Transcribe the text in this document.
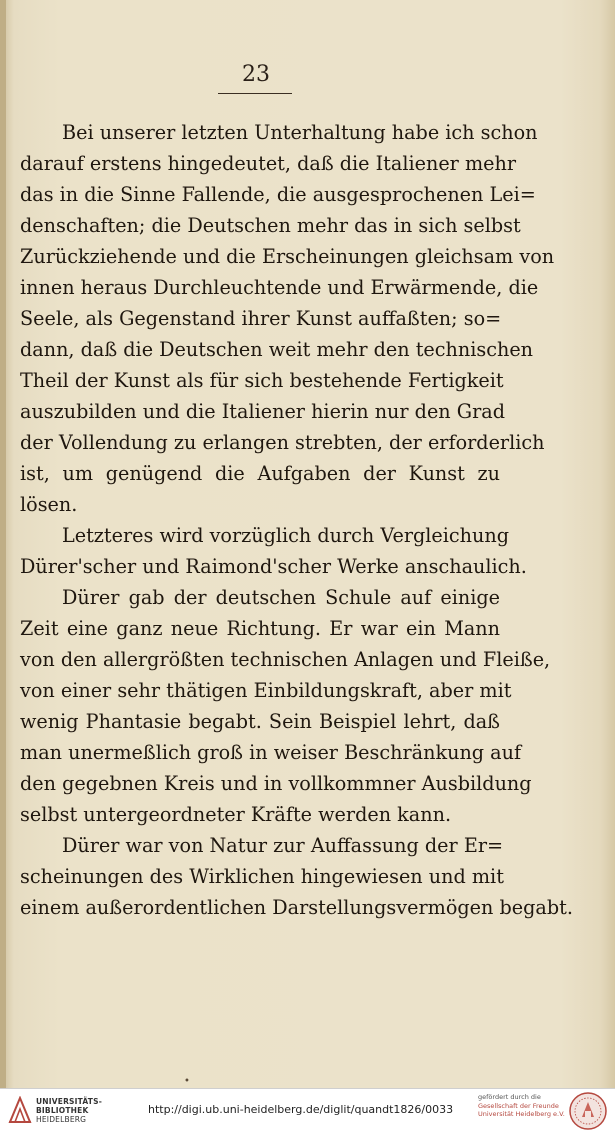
23
Bei unserer letzten Unterhaltung habe ich schon
darauf erstens hingedeutet, daß die Italiener mehr
das in die Sinne Fallende, die ausgesprochenen Lei=
denschaften; die Deutschen mehr das in sich selbst
Zurückziehende und die Erscheinungen gleichsam von
innen heraus Durchleuchtende und Erwärmende, die
Seele, als Gegenstand ihrer Kunst auffaßten; so=
dann, daß die Deutschen weit mehr den technischen
Theil der Kunst als für sich bestehende Fertigkeit
auszubilden und die Italiener hierin nur den Grad
der Vollendung zu erlangen strebten, der erforderlich
ist, um genügend die Aufgaben der Kunst zu
lösen.
Letzteres wird vorzüglich durch Vergleichung
Dürer'scher und Raimond'scher Werke anschaulich.
Dürer gab der deutschen Schule auf einige
Zeit eine ganz neue Richtung. Er war ein Mann
von den allergrößten technischen Anlagen und Fleiße,
von einer sehr thätigen Einbildungskraft, aber mit
wenig Phantasie begabt. Sein Beispiel lehrt, daß
man unermeßlich groß in weiser Beschränkung auf
den gegebnen Kreis und in vollkommner Ausbildung
selbst untergeordneter Kräfte werden kann.
Dürer war von Natur zur Auffassung der Er=
scheinungen des Wirklichen hingewiesen und mit
einem außerordentlichen Darstellungsvermögen begabt.
•
UNIVERSITÄTS-
BIBLIOTHEK
HEIDELBERG
http://digi.ub.uni-heidelberg.de/diglit/quandt1826/0033
gefördert durch die
Gesellschaft der Freunde
Universität Heidelberg e.V.
